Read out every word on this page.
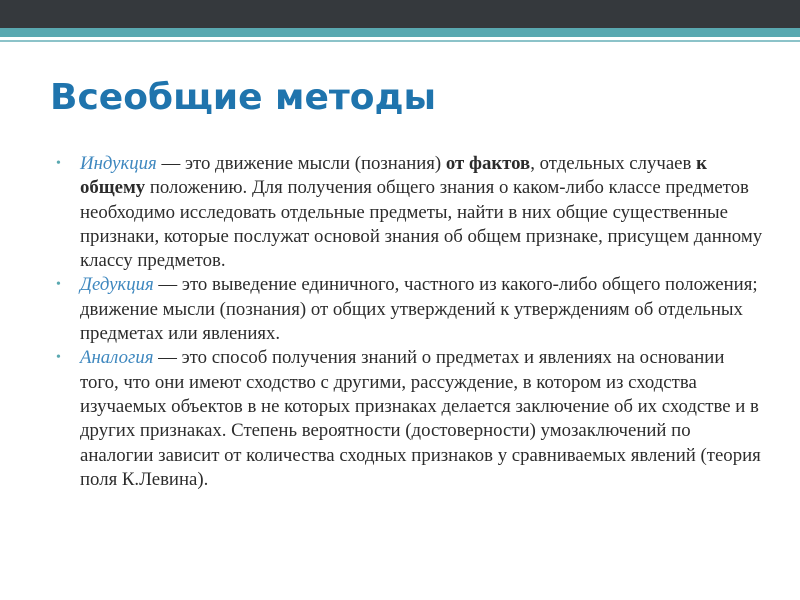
Всеобщие методы
• Индукция — это движение мысли (познания) от фактов, отдельных случаев к общему положению. Для получения общего знания о каком-либо классе предметов необходимо исследовать отдельные предметы, найти в них общие существенные признаки, которые послужат основой знания об общем признаке, присущем данному классу предметов.
• Дедукция — это выведение единичного, частного из какого-либо общего положения; движение мысли (познания) от общих утверждений к утверждениям об отдельных предметах или явлениях.
• Аналогия — это способ получения знаний о предметах и явлениях на основании того, что они имеют сходство с другими, рассуждение, в котором из сходства изучаемых объектов в не которых признаках делается заключение об их сходстве и в других признаках. Степень вероятности (достоверности) умозаключений по аналогии зависит от количества сходных признаков у сравниваемых явлений (теория поля К.Левина).
